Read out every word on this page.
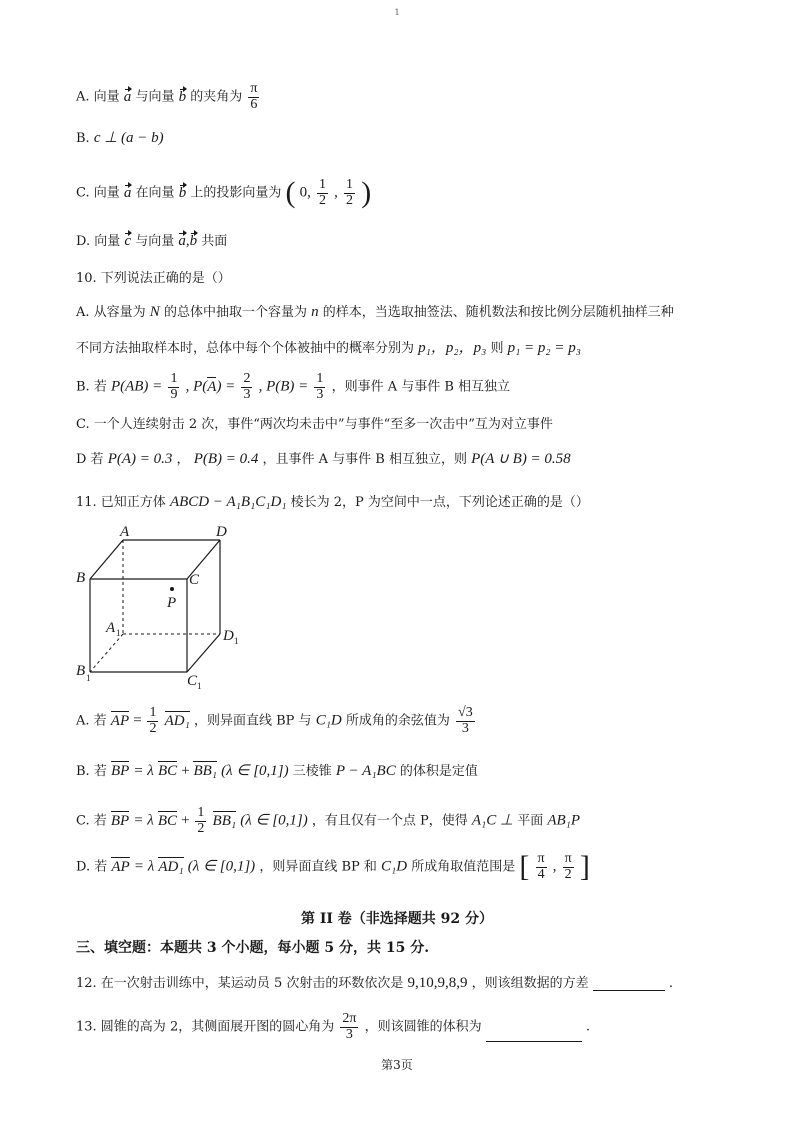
1
A. 向量 a 与向量 b 的夹角为 $\frac{\pi}{6}$
B. c ⊥ (a − b)
C. 向量 a 在向量 b 上的投影向量为 ( 0, $\frac{1}{2}$ , $\frac{1}{2}$ )
D. 向量 c 与向量 a,b 共面
10. 下列说法正确的是（）
A. 从容量为 N 的总体中抽取一个容量为 n 的样本，当选取抽签法、随机数法和按比例分层随机抽样三种
不同方法抽取样本时，总体中每个个体被抽中的概率分别为 p₁，p₂，p₃ 则 p₁ = p₂ = p₃
B. 若 $P(AB) = \frac{1}{9}$ , $P(A) = \frac{2}{3}$ , $P(B) = \frac{1}{3}$ ，则事件 A 与事件 B 相互独立
C. 一个人连续射击 2 次，事件“两次均未击中”与事件“至多一次击中”互为对立事件
D 若 P(A) = 0.3 ， P(B) = 0.4 ，且事件 A 与事件 B 相互独立，则 P(A ∪ B) = 0.58
11. 已知正方体 ABCD − A₁B₁C₁D₁ 棱长为 2，P 为空间中一点，下列论述正确的是（）
A	D
B	C
P
A 1	D 1
B 1	C 1
A. 若 AP = $\frac{1}{2} AD_1$ ，则异面直线 BP 与 C₁D 所成角的余弦值为 $\frac{√3}{3}$
B. 若 BP = λ BC + BB₁ (λ ∈ [0,1]) 三棱锥 P − A₁BC 的体积是定值
C. 若 BP = λ BC + $\frac{1}{2} BB_1$ (λ ∈ [0,1]) ，有且仅有一个点 P，使得 A₁C ⊥ 平面 AB₁P
D. 若 AP = λ AD₁ (λ ∈ [0,1]) ，则异面直线 BP 和 C₁D 所成角取值范围是 [ $\frac{\pi}{4}$ , $\frac{\pi}{2}$ ]
第 II 卷（非选择题共 92 分）
三、填空题：本题共 3 个小题，每小题 5 分，共 15 分.
12. 在一次射击训练中，某运动员 5 次射击的环数依次是 9,10,9,8,9 ，则该组数据的方差	.
13. 圆锥的高为 2，其侧面展开图的圆心角为 $\frac{2\pi}{3}$ ，则该圆锥的体积为	.
第3页
